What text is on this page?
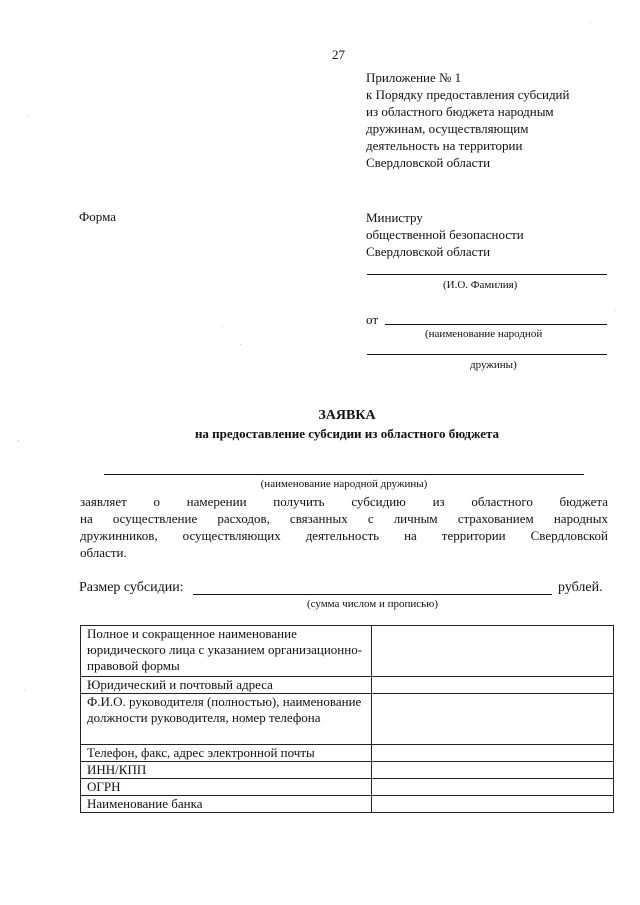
27
Приложение № 1
к Порядку предоставления субсидий
из областного бюджета народным
дружинам, осуществляющим
деятельность на территории
Свердловской области
Форма	Министру
общественной безопасности
Свердловской области
(И.О. Фамилия)
от
(наименование народной
дружины)
ЗАЯВКА
на предоставление субсидии из областного бюджета
(наименование народной дружины)
заявляет о намерении получить субсидию из областного бюджета
на осуществление расходов, связанных с личным страхованием народных
дружинников, осуществляющих деятельность на территории Свердловской
области.
Размер субсидии:	рублей.
(сумма числом и прописью)
Полное и сокращенное наименование юридического лица с указанием организационно-правовой формы	
Юридический и почтовый адреса	
Ф.И.О. руководителя (полностью), наименование должности руководителя, номер телефона	
Телефон, факс, адрес электронной почты	
ИНН/КПП	
ОГРН	
Наименование банка	
